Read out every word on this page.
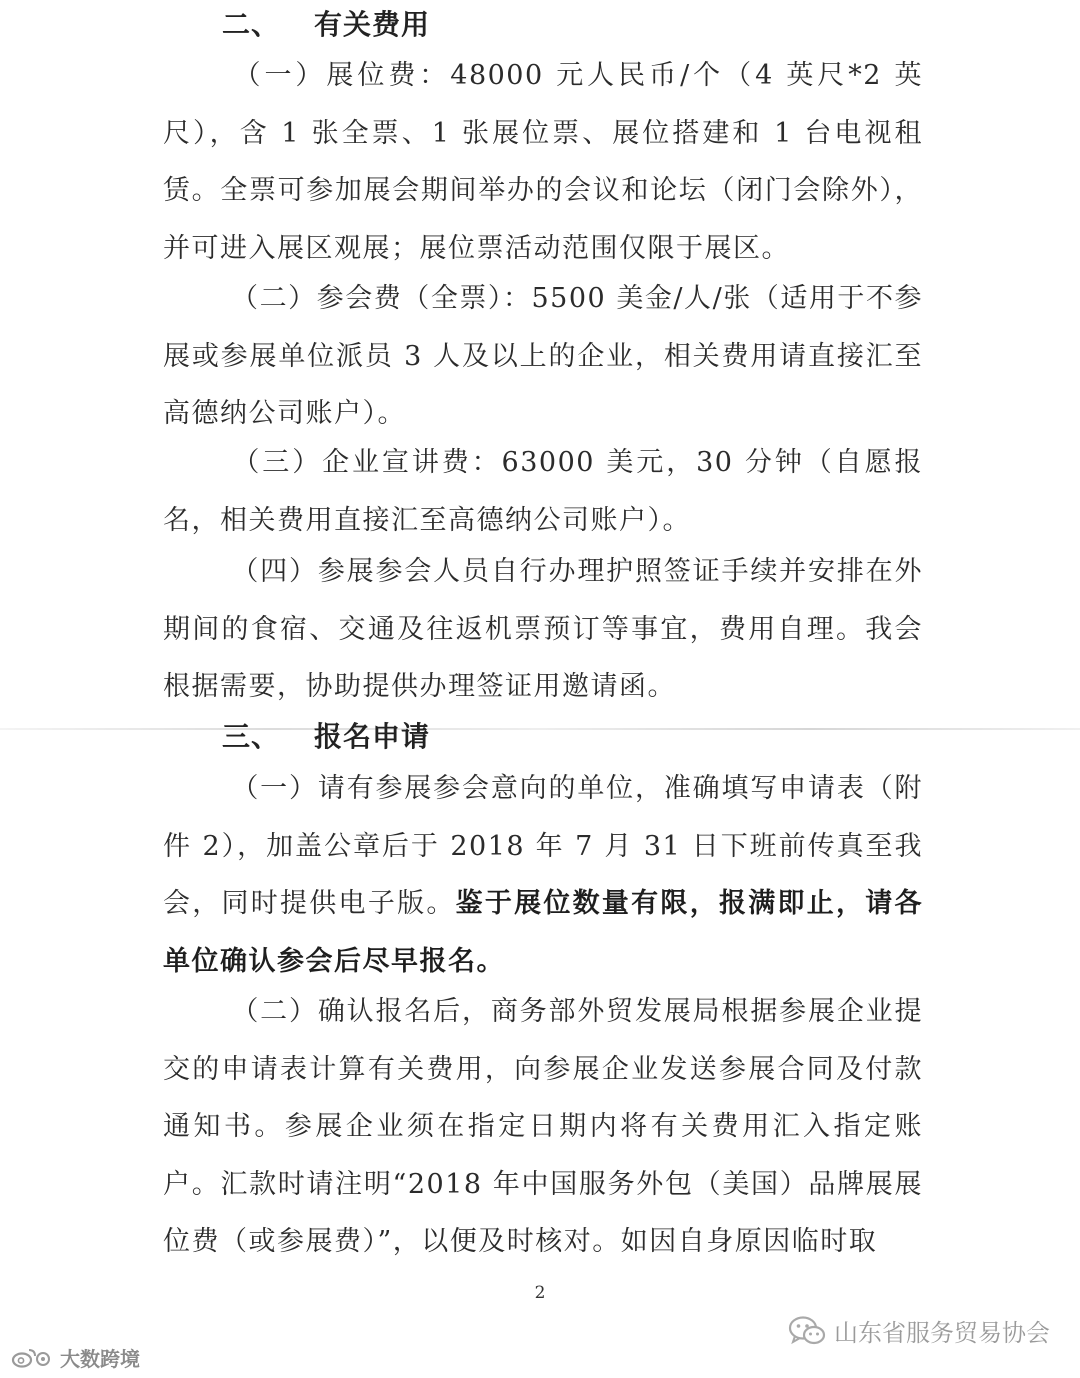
二、 有关费用
（一）展位费：48000 元人民币/个（4 英尺*2 英尺），含 1 张全票、1 张展位票、展位搭建和 1 台电视租赁。全票可参加展会期间举办的会议和论坛（闭门会除外），并可进入展区观展；展位票活动范围仅限于展区。
（二）参会费（全票）：5500 美金/人/张（适用于不参展或参展单位派员 3 人及以上的企业，相关费用请直接汇至高德纳公司账户）。
（三）企业宣讲费：63000 美元，30 分钟（自愿报名，相关费用直接汇至高德纳公司账户）。
（四）参展参会人员自行办理护照签证手续并安排在外期间的食宿、交通及往返机票预订等事宜，费用自理。我会根据需要，协助提供办理签证用邀请函。
三、 报名申请
（一）请有参展参会意向的单位，准确填写申请表（附件 2），加盖公章后于 2018 年 7 月 31 日下班前传真至我会，同时提供电子版。鉴于展位数量有限，报满即止，请各单位确认参会后尽早报名。
（二）确认报名后，商务部外贸发展局根据参展企业提交的申请表计算有关费用，向参展企业发送参展合同及付款通知书。参展企业须在指定日期内将有关费用汇入指定账户。汇款时请注明“2018 年中国服务外包（美国）品牌展展位费（或参展费）”，以便及时核对。如因自身原因临时取
2
山东省服务贸易协会
大数跨境
